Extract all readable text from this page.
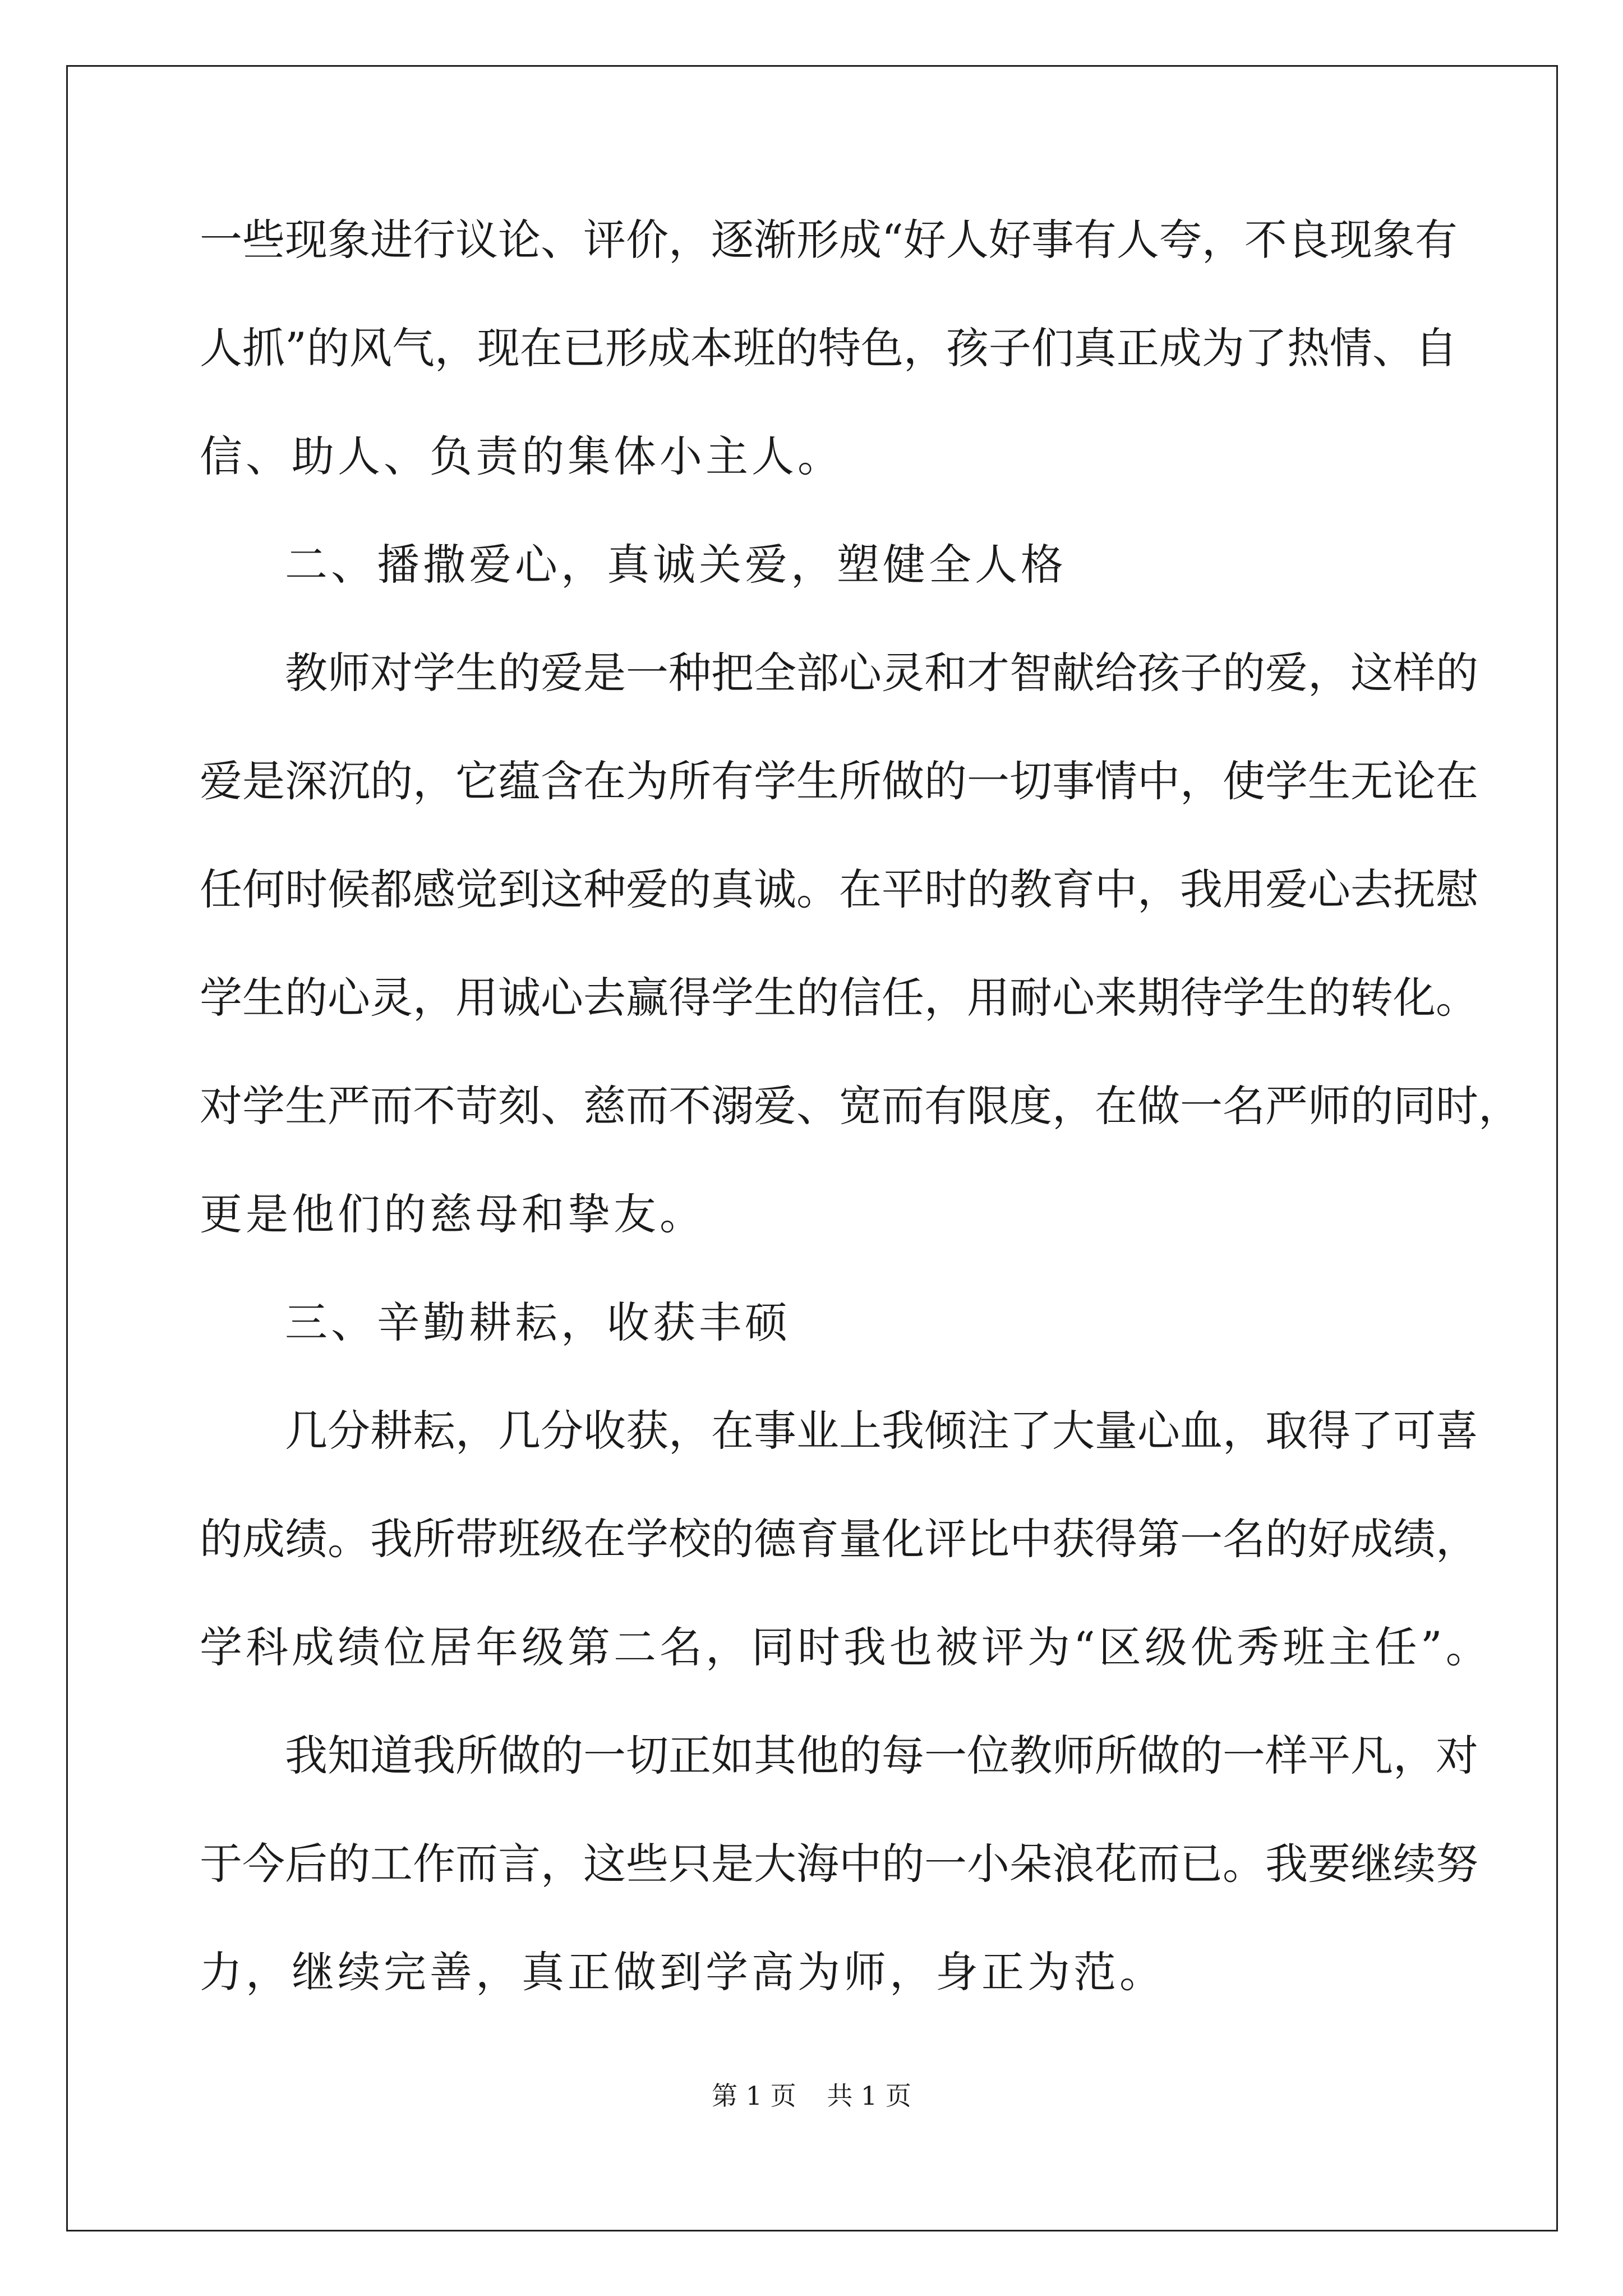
一些现象进行议论、评价，逐渐形成“好人好事有人夸，不良现象有
人抓”的风气，现在已形成本班的特色，孩子们真正成为了热情、自
信、助人、负责的集体小主人。
二、播撒爱心，真诚关爱，塑健全人格
教师对学生的爱是一种把全部心灵和才智献给孩子的爱，这样的
爱是深沉的，它蕴含在为所有学生所做的一切事情中，使学生无论在
任何时候都感觉到这种爱的真诚。在平时的教育中，我用爱心去抚慰
学生的心灵，用诚心去赢得学生的信任，用耐心来期待学生的转化。
对学生严而不苛刻、慈而不溺爱、宽而有限度，在做一名严师的同时，
更是他们的慈母和挚友。
三、辛勤耕耘，收获丰硕
几分耕耘，几分收获，在事业上我倾注了大量心血，取得了可喜
的成绩。我所带班级在学校的德育量化评比中获得第一名的好成绩，
学科成绩位居年级第二名，同时我也被评为“区级优秀班主任”。
我知道我所做的一切正如其他的每一位教师所做的一样平凡，对
于今后的工作而言，这些只是大海中的一小朵浪花而已。我要继续努
力，继续完善，真正做到学高为师，身正为范。
第 1 页 共 1 页
